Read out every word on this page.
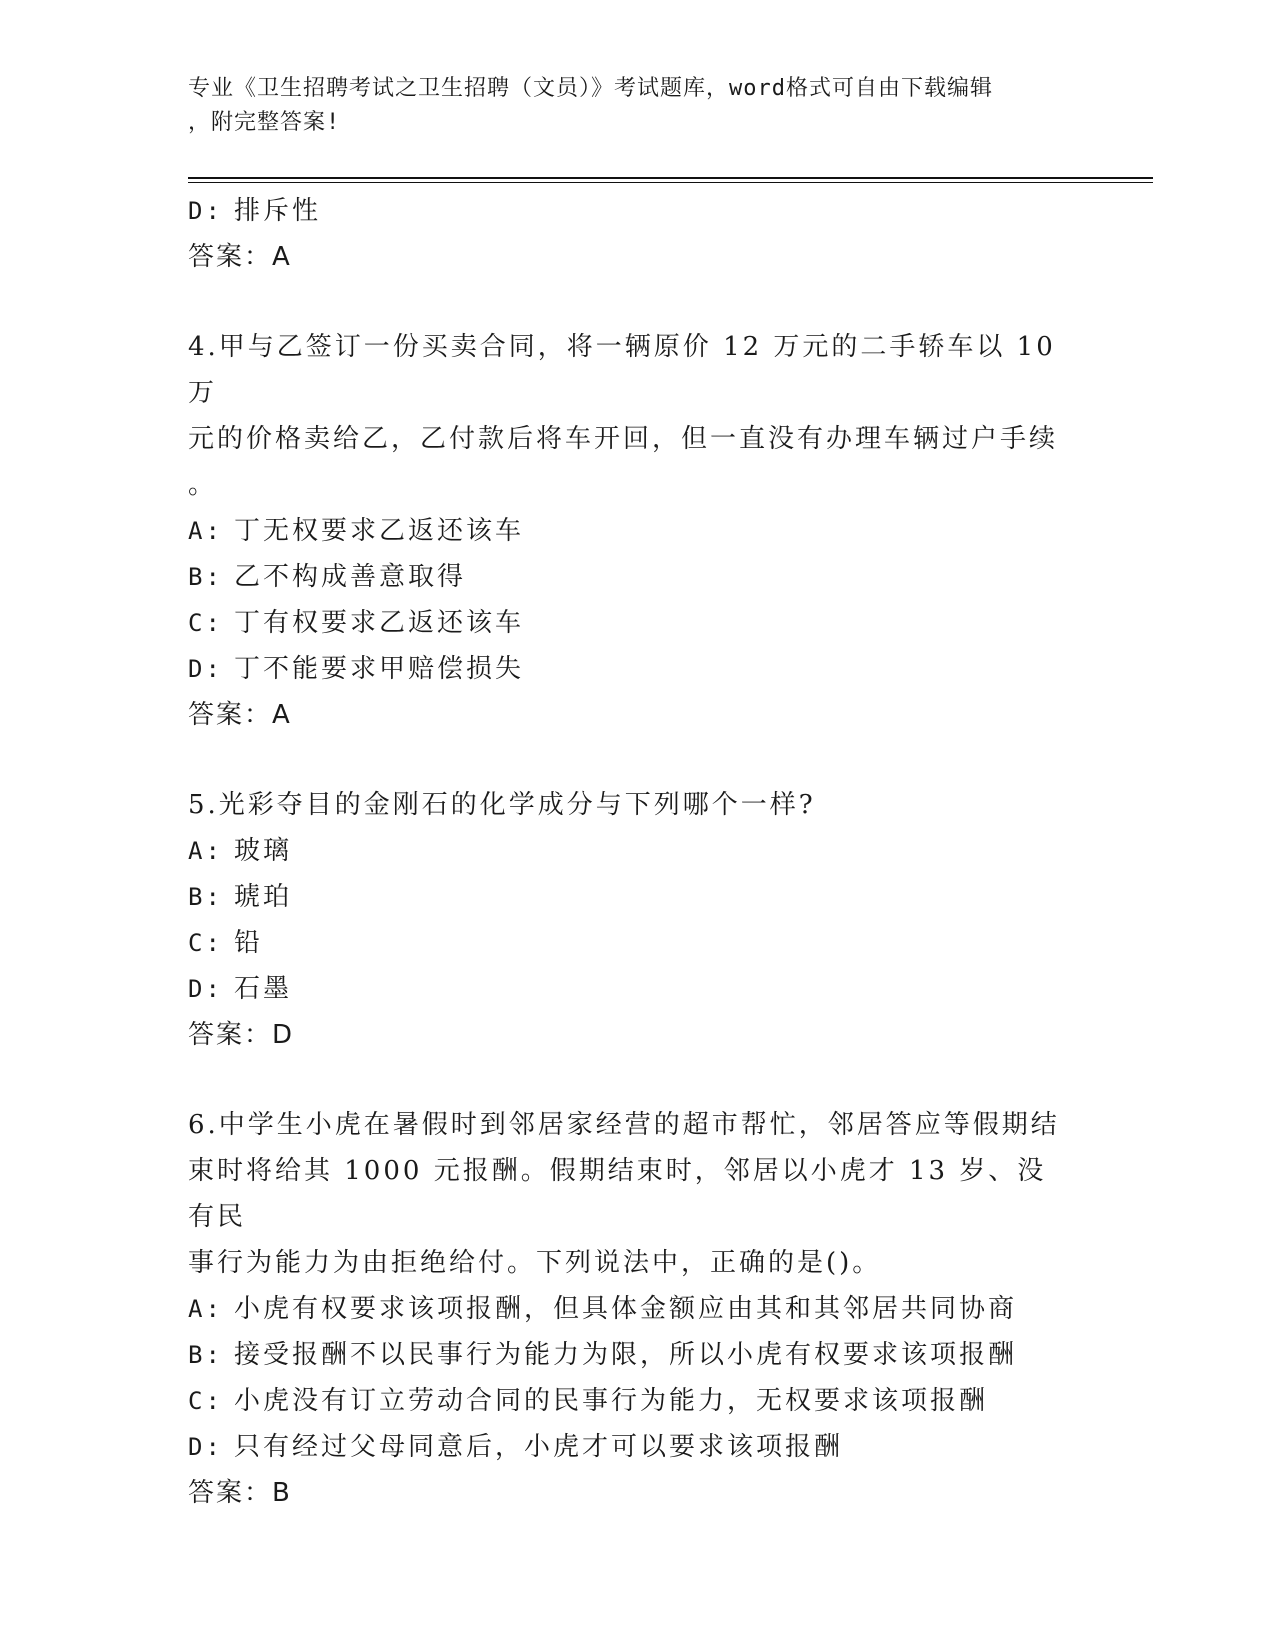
专业《卫生招聘考试之卫生招聘（文员）》考试题库，word格式可自由下载编辑
，附完整答案!
D: 排斥性
答案：A
4.甲与乙签订一份买卖合同，将一辆原价 12 万元的二手轿车以 10 万
元的价格卖给乙，乙付款后将车开回，但一直没有办理车辆过户手续
。
A: 丁无权要求乙返还该车
B: 乙不构成善意取得
C: 丁有权要求乙返还该车
D: 丁不能要求甲赔偿损失
答案：A
5.光彩夺目的金刚石的化学成分与下列哪个一样?
A: 玻璃
B: 琥珀
C: 铅
D: 石墨
答案：D
6.中学生小虎在暑假时到邻居家经营的超市帮忙，邻居答应等假期结
束时将给其 1000 元报酬。假期结束时，邻居以小虎才 13 岁、没有民
事行为能力为由拒绝给付。下列说法中，正确的是()。
A: 小虎有权要求该项报酬，但具体金额应由其和其邻居共同协商
B: 接受报酬不以民事行为能力为限，所以小虎有权要求该项报酬
C: 小虎没有订立劳动合同的民事行为能力，无权要求该项报酬
D: 只有经过父母同意后，小虎才可以要求该项报酬
答案：B
